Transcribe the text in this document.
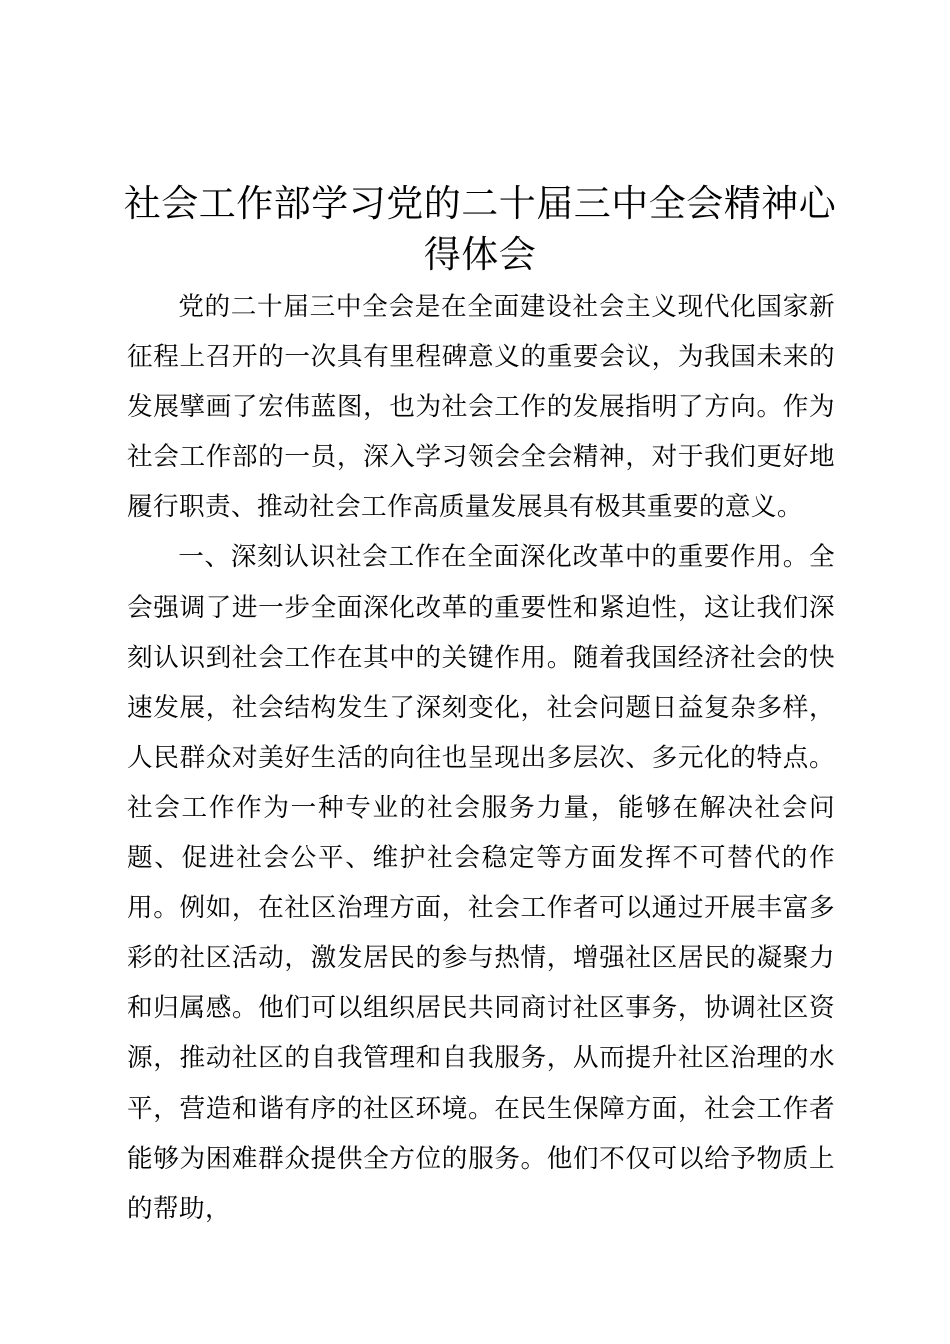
社会工作部学习党的二十届三中全会精神心得体会

党的二十届三中全会是在全面建设社会主义现代化国家新征程上召开的一次具有里程碑意义的重要会议，为我国未来的发展擘画了宏伟蓝图，也为社会工作的发展指明了方向。作为社会工作部的一员，深入学习领会全会精神，对于我们更好地履行职责、推动社会工作高质量发展具有极其重要的意义。

一、深刻认识社会工作在全面深化改革中的重要作用。全会强调了进一步全面深化改革的重要性和紧迫性，这让我们深刻认识到社会工作在其中的关键作用。随着我国经济社会的快速发展，社会结构发生了深刻变化，社会问题日益复杂多样，人民群众对美好生活的向往也呈现出多层次、多元化的特点。社会工作作为一种专业的社会服务力量，能够在解决社会问题、促进社会公平、维护社会稳定等方面发挥不可替代的作用。例如，在社区治理方面，社会工作者可以通过开展丰富多彩的社区活动，激发居民的参与热情，增强社区居民的凝聚力和归属感。他们可以组织居民共同商讨社区事务，协调社区资源，推动社区的自我管理和自我服务，从而提升社区治理的水平，营造和谐有序的社区环境。在民生保障方面，社会工作者能够为困难群众提供全方位的服务。他们不仅可以给予物质上的帮助，
